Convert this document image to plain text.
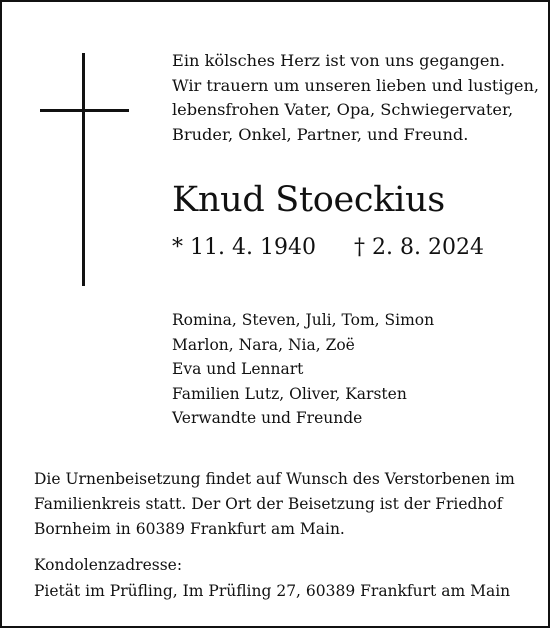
Ein kölsches Herz ist von uns gegangen.
Wir trauern um unseren lieben und lustigen,
lebensfrohen Vater, Opa, Schwiegervater,
Bruder, Onkel, Partner, und Freund.

Knud Stoeckius
* 11. 4. 1940 † 2. 8. 2024
Romina, Steven, Juli, Tom, Simon
Marlon, Nara, Nia, Zoë
Eva und Lennart
Familien Lutz, Oliver, Karsten
Verwandte und Freunde

Die Urnenbeisetzung findet auf Wunsch des Verstorbenen im
Familienkreis statt. Der Ort der Beisetzung ist der Friedhof
Bornheim in 60389 Frankfurt am Main.

Kondolenzadresse:
Pietät im Prüfling, Im Prüfling 27, 60389 Frankfurt am Main
